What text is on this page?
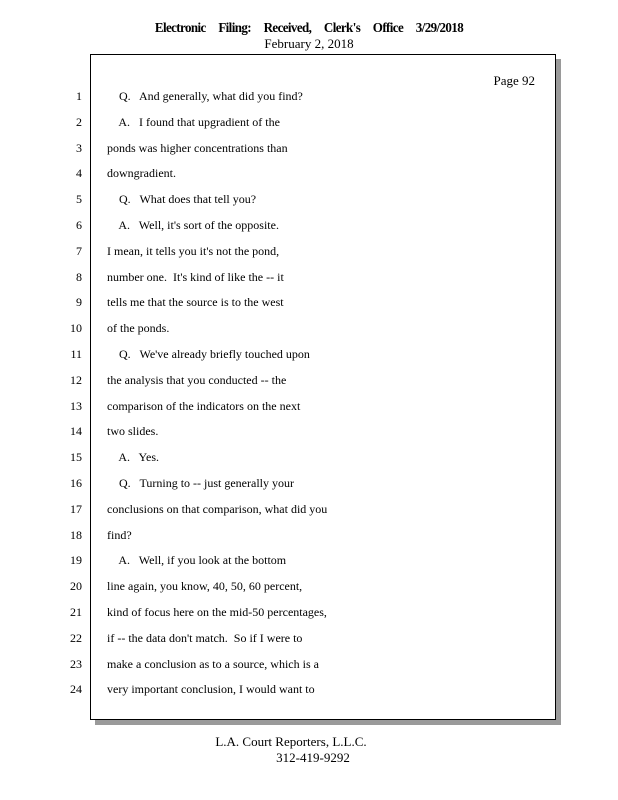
Electronic Filing: Received, Clerk's Office 3/29/2018
February 2, 2018
Page 92
1 Q.   And generally, what did you find?
2 A.   I found that upgradient of the
3 ponds was higher concentrations than
4 downgradient.
5 Q.   What does that tell you?
6 A.   Well, it's sort of the opposite.
7 I mean, it tells you it's not the pond,
8 number one.  It's kind of like the -- it
9 tells me that the source is to the west
10 of the ponds.
11 Q.   We've already briefly touched upon
12 the analysis that you conducted -- the
13 comparison of the indicators on the next
14 two slides.
15 A.   Yes.
16 Q.   Turning to -- just generally your
17 conclusions on that comparison, what did you
18 find?
19 A.   Well, if you look at the bottom
20 line again, you know, 40, 50, 60 percent,
21 kind of focus here on the mid-50 percentages,
22 if -- the data don't match.  So if I were to
23 make a conclusion as to a source, which is a
24 very important conclusion, I would want to
L.A. Court Reporters, L.L.C.
312-419-9292
